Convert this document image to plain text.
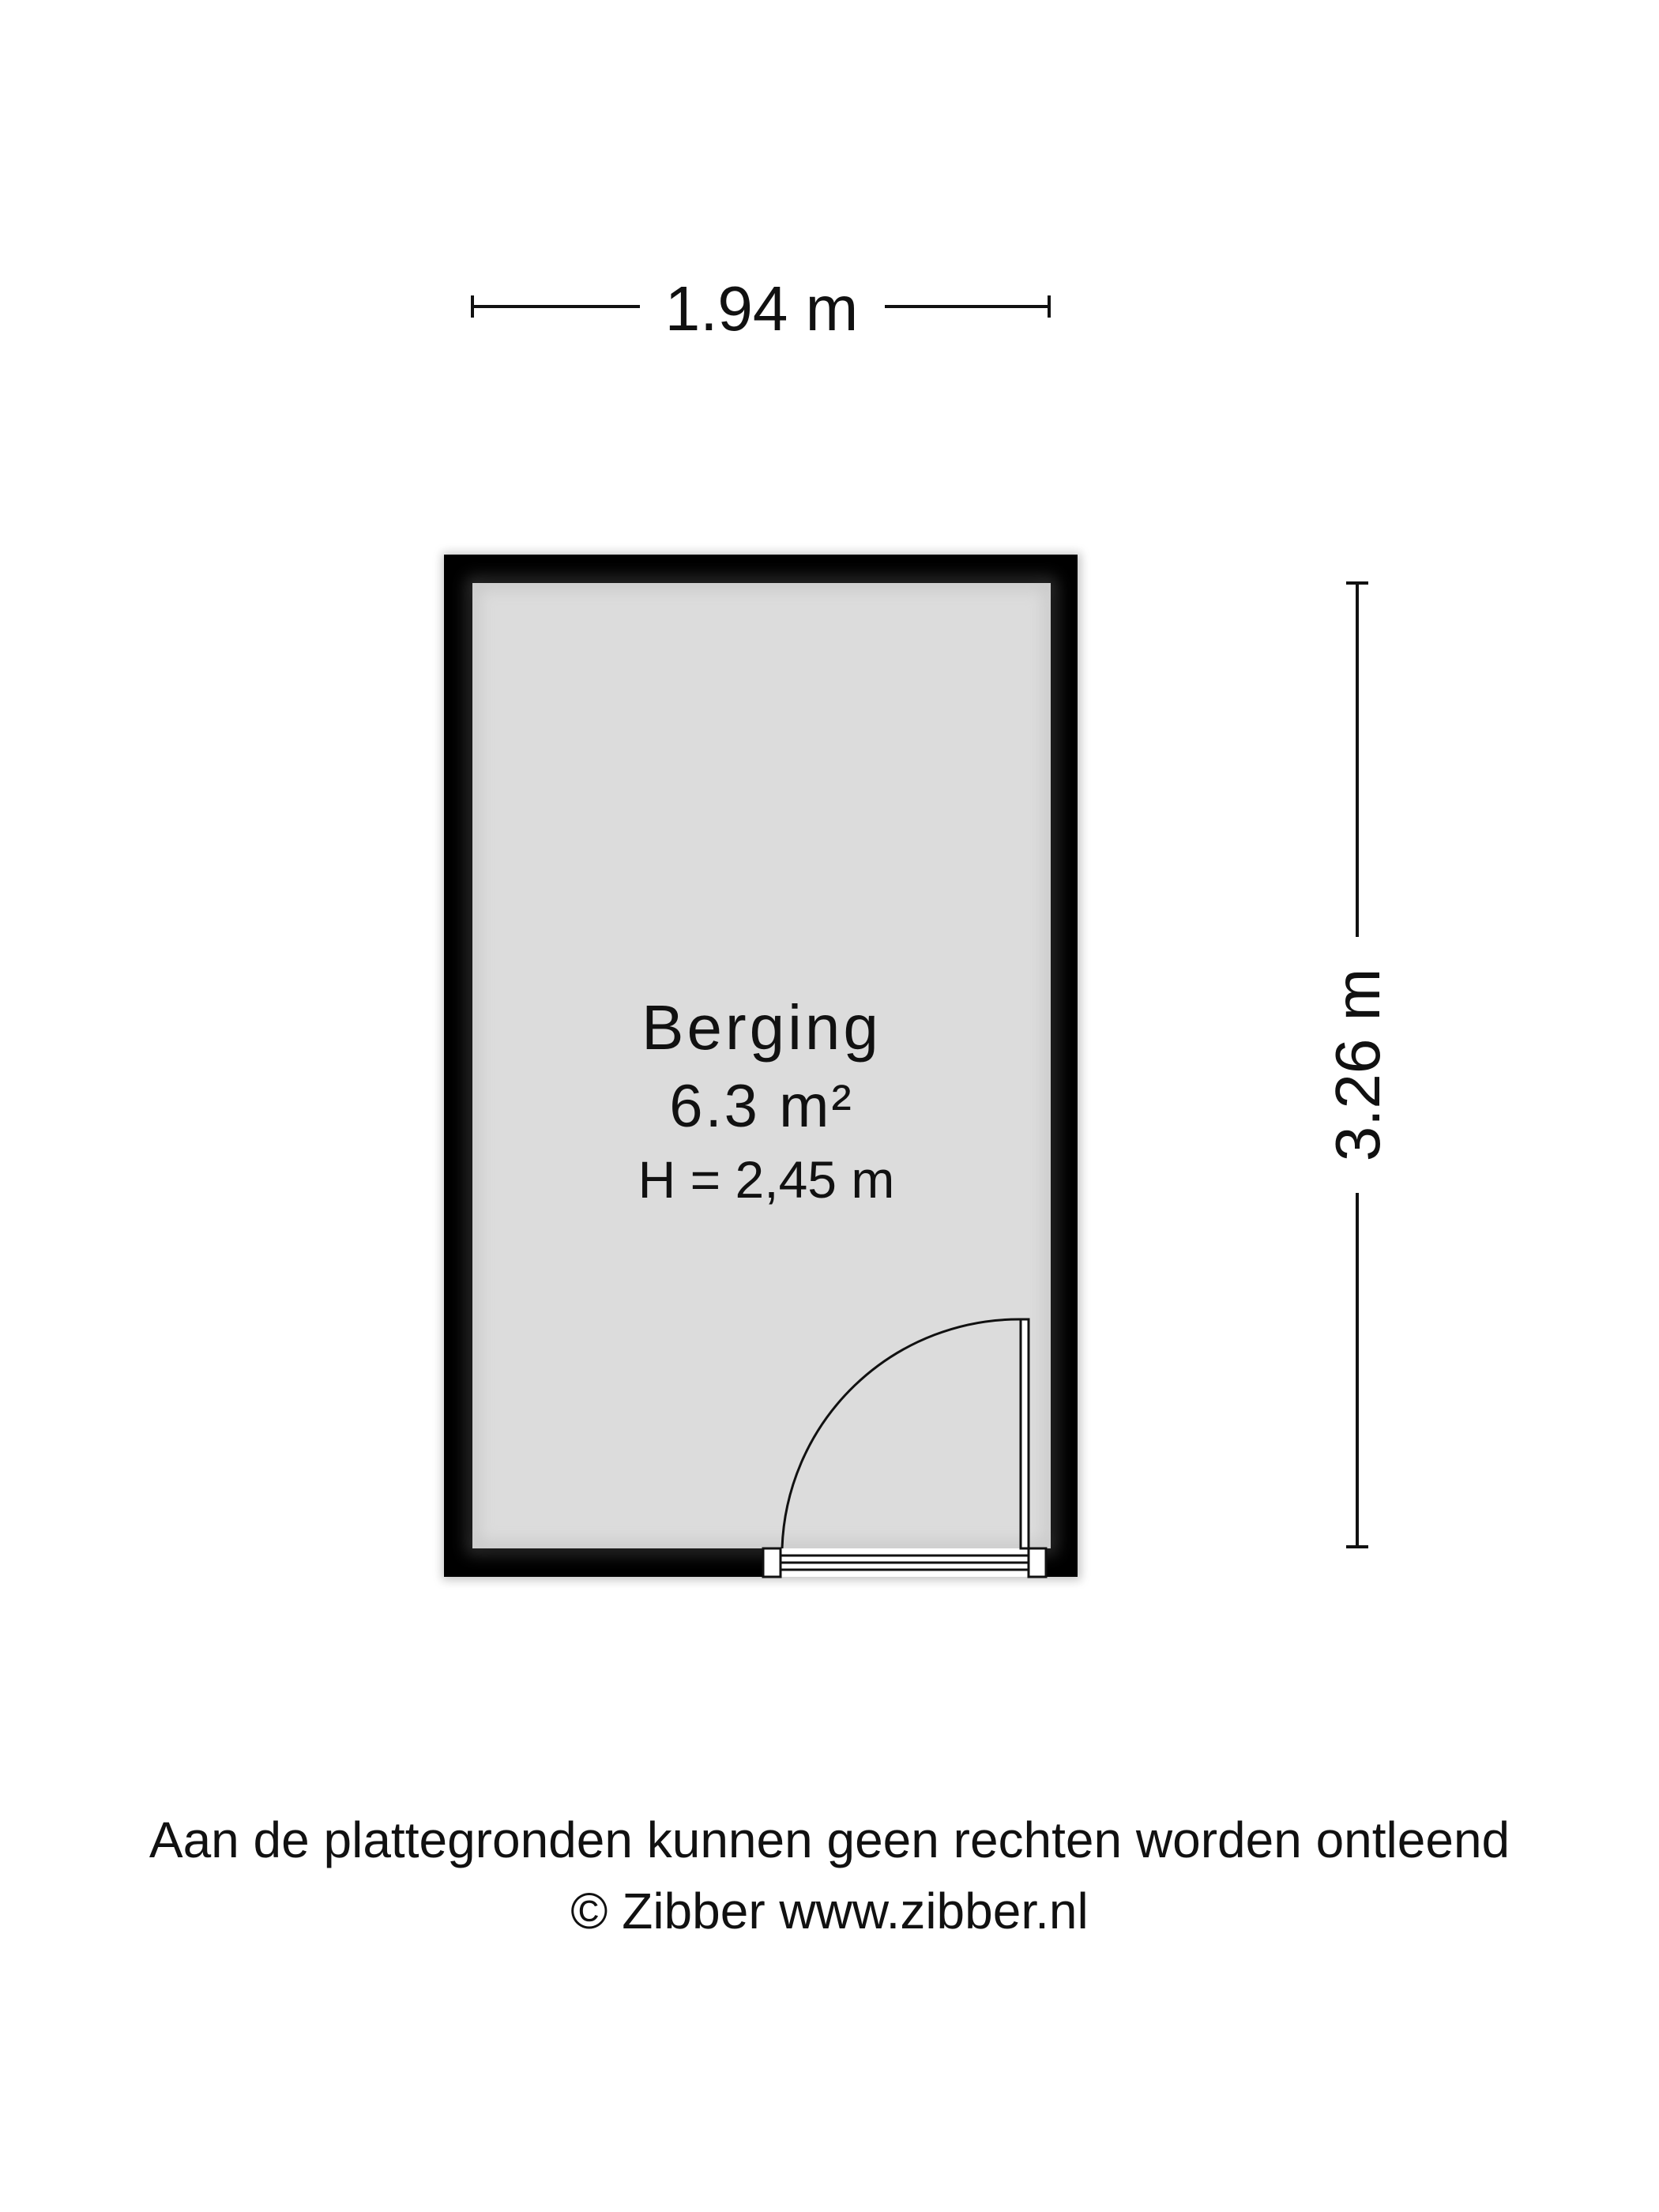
1.94 m
3.26 m
Berging
6.3 m²
H = 2,45 m
Aan de plattegronden kunnen geen rechten worden ontleend
© Zibber www.zibber.nl
